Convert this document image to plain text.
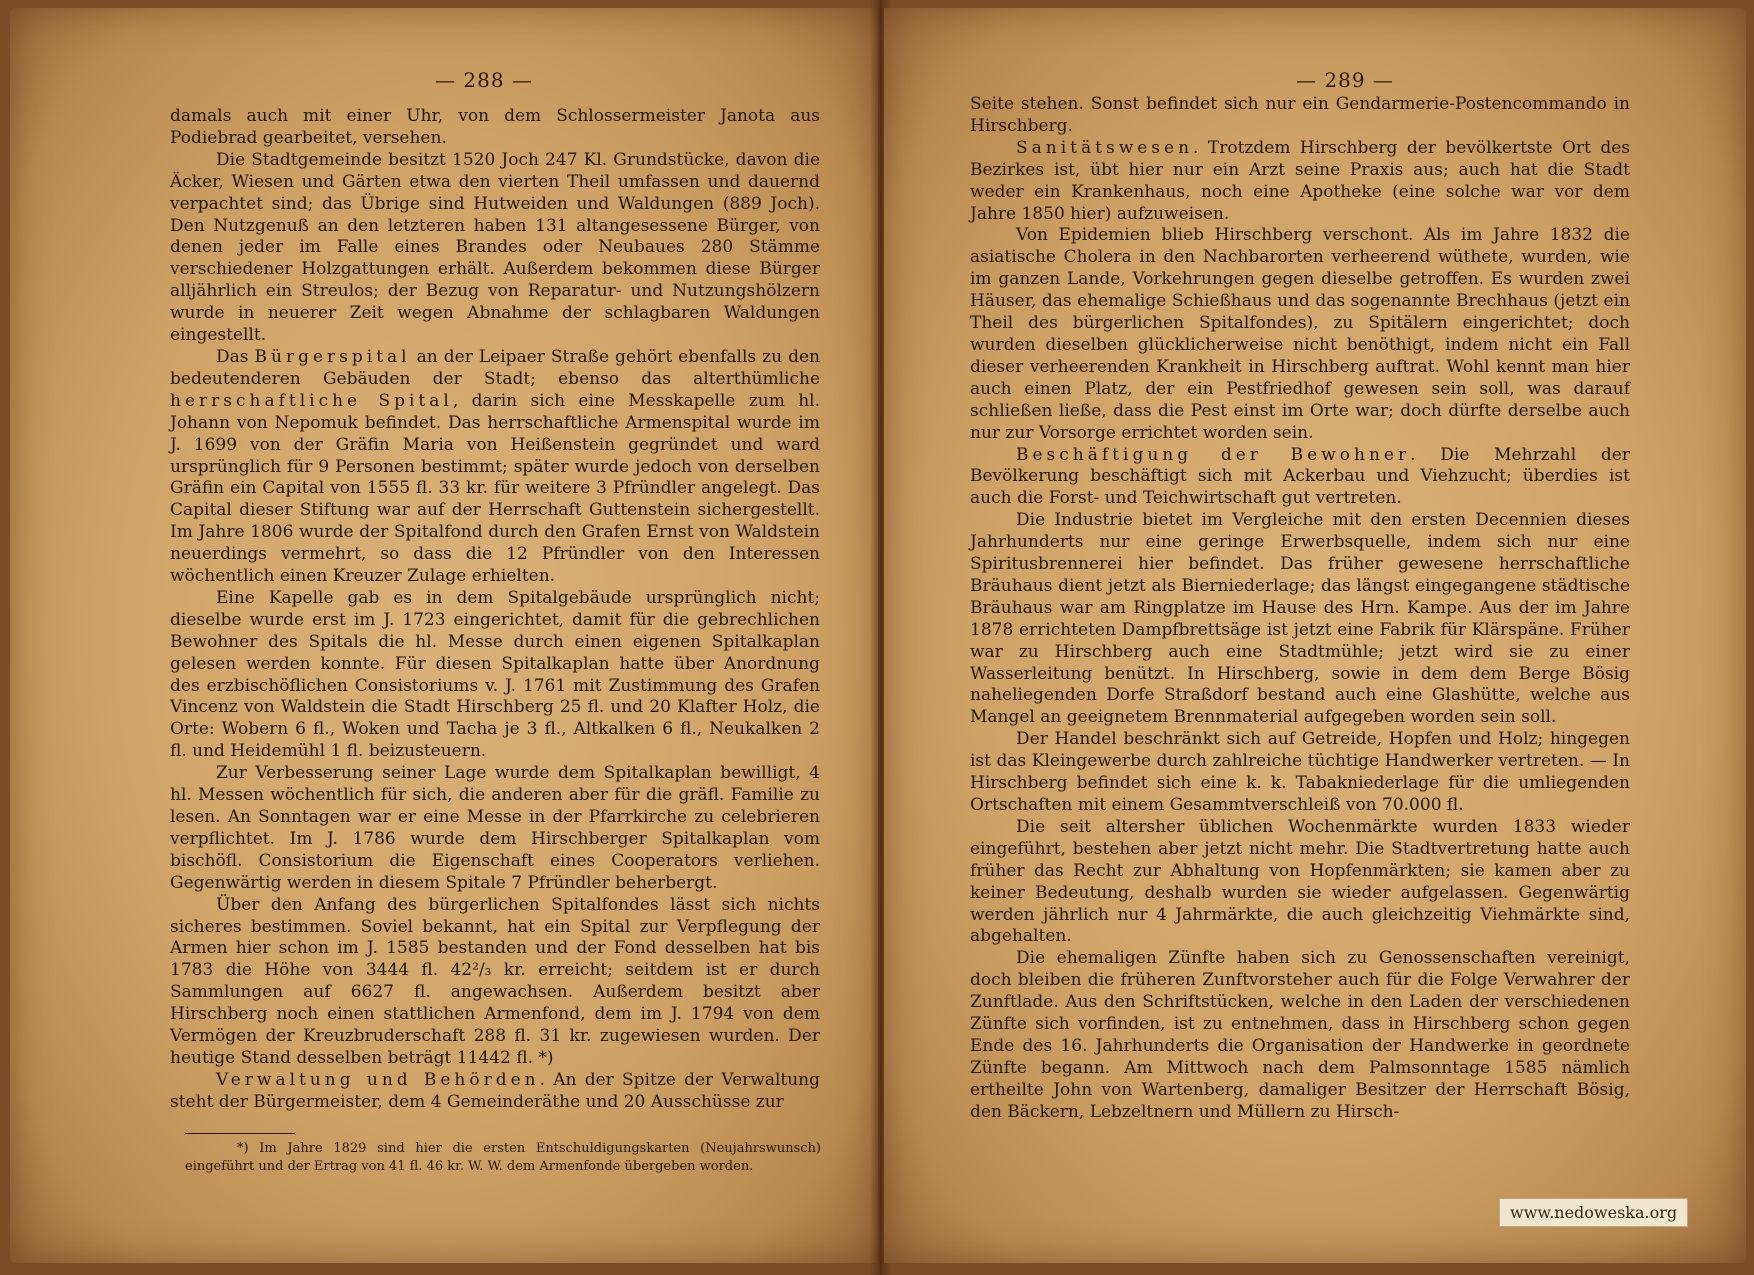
— 288 —

damals auch mit einer Uhr, von dem Schlossermeister Janota aus Podiebrad gearbeitet, versehen.

Die Stadtgemeinde besitzt 1520 Joch 247 Kl. Grundstücke, davon die Äcker, Wiesen und Gärten etwa den vierten Theil umfassen und dauernd verpachtet sind; das Übrige sind Hutweiden und Waldungen (889 Joch). Den Nutzgenuß an den letzteren haben 131 altangesessene Bürger, von denen jeder im Falle eines Brandes oder Neubaues 280 Stämme verschiedener Holzgattungen erhält. Außerdem bekommen diese Bürger alljährlich ein Streulos; der Bezug von Reparatur- und Nutzungshölzern wurde in neuerer Zeit wegen Abnahme der schlagbaren Waldungen eingestellt.

Das Bürgerspital an der Leipaer Straße gehört ebenfalls zu den bedeutenderen Gebäuden der Stadt; ebenso das alterthümliche herrschaftliche Spital, darin sich eine Messkapelle zum hl. Johann von Nepomuk befindet. Das herrschaftliche Armenspital wurde im J. 1699 von der Gräfin Maria von Heißenstein gegründet und ward ursprünglich für 9 Personen bestimmt; später wurde jedoch von derselben Gräfin ein Capital von 1555 fl. 33 kr. für weitere 3 Pfründler angelegt. Das Capital dieser Stiftung war auf der Herrschaft Guttenstein sichergestellt. Im Jahre 1806 wurde der Spitalfond durch den Grafen Ernst von Waldstein neuerdings vermehrt, so dass die 12 Pfründler von den Interessen wöchentlich einen Kreuzer Zulage erhielten.

Eine Kapelle gab es in dem Spitalgebäude ursprünglich nicht; dieselbe wurde erst im J. 1723 eingerichtet, damit für die gebrechlichen Bewohner des Spitals die hl. Messe durch einen eigenen Spitalkaplan gelesen werden konnte. Für diesen Spitalkaplan hatte über Anordnung des erzbischöflichen Consistoriums v. J. 1761 mit Zustimmung des Grafen Vincenz von Waldstein die Stadt Hirschberg 25 fl. und 20 Klafter Holz, die Orte: Wobern 6 fl., Woken und Tacha je 3 fl., Altkalken 6 fl., Neukalken 2 fl. und Heidemühl 1 fl. beizusteuern.

Zur Verbesserung seiner Lage wurde dem Spitalkaplan bewilligt, 4 hl. Messen wöchentlich für sich, die anderen aber für die gräfl. Familie zu lesen. An Sonntagen war er eine Messe in der Pfarrkirche zu celebrieren verpflichtet. Im J. 1786 wurde dem Hirschberger Spitalkaplan vom bischöfl. Consistorium die Eigenschaft eines Cooperators verliehen. Gegenwärtig werden in diesem Spitale 7 Pfründler beherbergt.

Über den Anfang des bürgerlichen Spitalfondes lässt sich nichts sicheres bestimmen. Soviel bekannt, hat ein Spital zur Verpflegung der Armen hier schon im J. 1585 bestanden und der Fond desselben hat bis 1783 die Höhe von 3444 fl. 42²/₃ kr. erreicht; seitdem ist er durch Sammlungen auf 6627 fl. angewachsen. Außerdem besitzt aber Hirschberg noch einen stattlichen Armenfond, dem im J. 1794 von dem Vermögen der Kreuzbruderschaft 288 fl. 31 kr. zugewiesen wurden. Der heutige Stand desselben beträgt 11442 fl. *)

Verwaltung und Behörden. An der Spitze der Verwaltung steht der Bürgermeister, dem 4 Gemeinderäthe und 20 Ausschüsse zur

*) Im Jahre 1829 sind hier die ersten Entschuldigungskarten (Neujahrswunsch) eingeführt und der Ertrag von 41 fl. 46 kr. W. W. dem Armenfonde übergeben worden.

— 289 —

Seite stehen. Sonst befindet sich nur ein Gendarmerie-Postencommando in Hirschberg.

Sanitätswesen. Trotzdem Hirschberg der bevölkertste Ort des Bezirkes ist, übt hier nur ein Arzt seine Praxis aus; auch hat die Stadt weder ein Krankenhaus, noch eine Apotheke (eine solche war vor dem Jahre 1850 hier) aufzuweisen.

Von Epidemien blieb Hirschberg verschont. Als im Jahre 1832 die asiatische Cholera in den Nachbarorten verheerend wüthete, wurden, wie im ganzen Lande, Vorkehrungen gegen dieselbe getroffen. Es wurden zwei Häuser, das ehemalige Schießhaus und das sogenannte Brechhaus (jetzt ein Theil des bürgerlichen Spitalfondes), zu Spitälern eingerichtet; doch wurden dieselben glücklicherweise nicht benöthigt, indem nicht ein Fall dieser verheerenden Krankheit in Hirschberg auftrat. Wohl kennt man hier auch einen Platz, der ein Pestfriedhof gewesen sein soll, was darauf schließen ließe, dass die Pest einst im Orte war; doch dürfte derselbe auch nur zur Vorsorge errichtet worden sein.

Beschäftigung der Bewohner. Die Mehrzahl der Bevölkerung beschäftigt sich mit Ackerbau und Viehzucht; überdies ist auch die Forst- und Teichwirtschaft gut vertreten.

Die Industrie bietet im Vergleiche mit den ersten Decennien dieses Jahrhunderts nur eine geringe Erwerbsquelle, indem sich nur eine Spiritusbrennerei hier befindet. Das früher gewesene herrschaftliche Bräuhaus dient jetzt als Bierniederlage; das längst eingegangene städtische Bräuhaus war am Ringplatze im Hause des Hrn. Kampe. Aus der im Jahre 1878 errichteten Dampfbrettsäge ist jetzt eine Fabrik für Klärspäne. Früher war zu Hirschberg auch eine Stadtmühle; jetzt wird sie zu einer Wasserleitung benützt. In Hirschberg, sowie in dem dem Berge Bösig naheliegenden Dorfe Straßdorf bestand auch eine Glashütte, welche aus Mangel an geeignetem Brennmaterial aufgegeben worden sein soll.

Der Handel beschränkt sich auf Getreide, Hopfen und Holz; hingegen ist das Kleingewerbe durch zahlreiche tüchtige Handwerker vertreten. — In Hirschberg befindet sich eine k. k. Tabakniederlage für die umliegenden Ortschaften mit einem Gesammtverschleiß von 70.000 fl.

Die seit altersher üblichen Wochenmärkte wurden 1833 wieder eingeführt, bestehen aber jetzt nicht mehr. Die Stadtvertretung hatte auch früher das Recht zur Abhaltung von Hopfenmärkten; sie kamen aber zu keiner Bedeutung, deshalb wurden sie wieder aufgelassen. Gegenwärtig werden jährlich nur 4 Jahrmärkte, die auch gleichzeitig Viehmärkte sind, abgehalten.

Die ehemaligen Zünfte haben sich zu Genossenschaften vereinigt, doch bleiben die früheren Zunftvorsteher auch für die Folge Verwahrer der Zunftlade. Aus den Schriftstücken, welche in den Laden der verschiedenen Zünfte sich vorfinden, ist zu entnehmen, dass in Hirschberg schon gegen Ende des 16. Jahrhunderts die Organisation der Handwerke in geordnete Zünfte begann. Am Mittwoch nach dem Palmsonntage 1585 nämlich ertheilte John von Wartenberg, damaliger Besitzer der Herrschaft Bösig, den Bäckern, Lebzeltnern und Müllern zu Hirsch-

www.nedoweska.org
